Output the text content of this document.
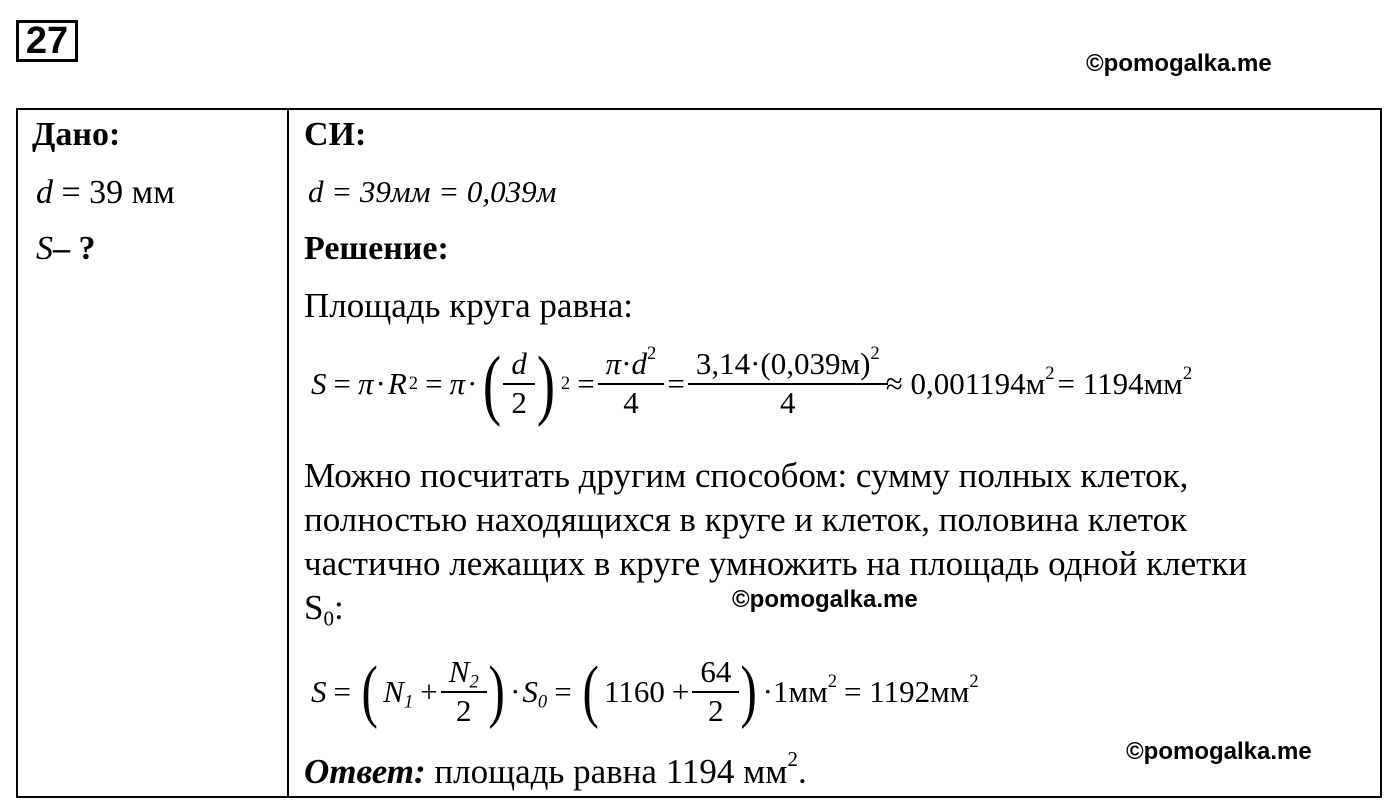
27
©pomogalka.me
Дано:
d = 39 мм
S– ?
СИ:
d = 39мм = 0,039м
Решение:
Площадь круга равна:
S = π · R 2 = π · ( $\frac{d}{2}$ ) $2 = \frac{\pi\cdot d^2}{4} = \frac{3,14\cdot(0,039м)^2}{4} \approx 0,001194м^2 = 1194мм^2$
Можно посчитать другим способом: сумму полных клеток,
полностью находящихся в круге и клеток, половина клеток
частично лежащих в круге умножить на площадь одной клетки
$S_0$:
S = ( $N_1 + \frac{N_2}{2}$ ) · $S_0$ = ( $1160 + \frac{64}{2}$ ) $\cdot 1мм^2 = 1192мм^2$
Ответ: площадь равна 1194 $мм^2$.
©pomogalka.me
©pomogalka.me
